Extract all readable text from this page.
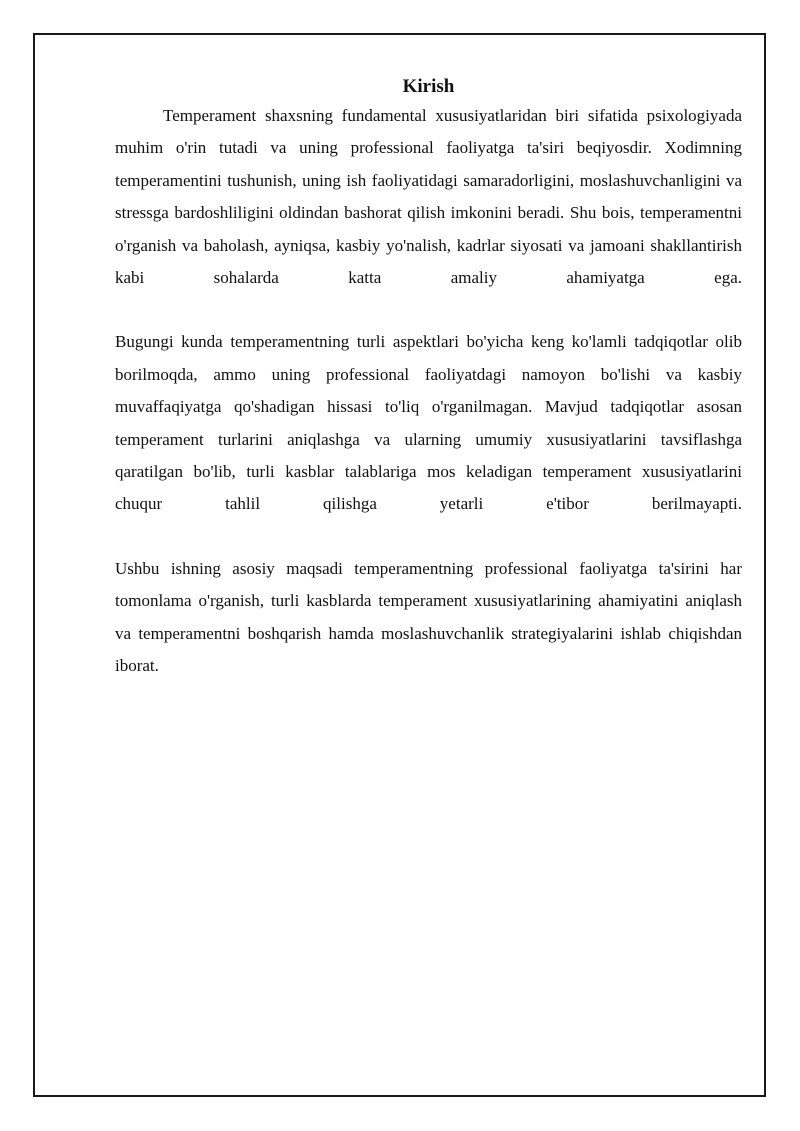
Kirish

Temperament shaxsning fundamental xususiyatlaridan biri sifatida psixologiyada muhim o'rin tutadi va uning professional faoliyatga ta'siri beqiyosdir. Xodimning temperamentini tushunish, uning ish faoliyatidagi samaradorligini, moslashuvchanligini va stressga bardoshliligini oldindan bashorat qilish imkonini beradi. Shu bois, temperamentni o'rganish va baholash, ayniqsa, kasbiy yo'nalish, kadrlar siyosati va jamoani shakllantirish kabi sohalarda katta amaliy ahamiyatga ega.

Bugungi kunda temperamentning turli aspektlari bo'yicha keng ko'lamli tadqiqotlar olib borilmoqda, ammo uning professional faoliyatdagi namoyon bo'lishi va kasbiy muvaffaqiyatga qo'shadigan hissasi to'liq o'rganilmagan. Mavjud tadqiqotlar asosan temperament turlarini aniqlashga va ularning umumiy xususiyatlarini tavsiflashga qaratilgan bo'lib, turli kasblar talablariga mos keladigan temperament xususiyatlarini chuqur tahlil qilishga yetarli e'tibor berilmayapti.

Ushbu ishning asosiy maqsadi temperamentning professional faoliyatga ta'sirini har tomonlama o'rganish, turli kasblarda temperament xususiyatlarining ahamiyatini aniqlash va temperamentni boshqarish hamda moslashuvchanlik strategiyalarini ishlab chiqishdan iborat.
